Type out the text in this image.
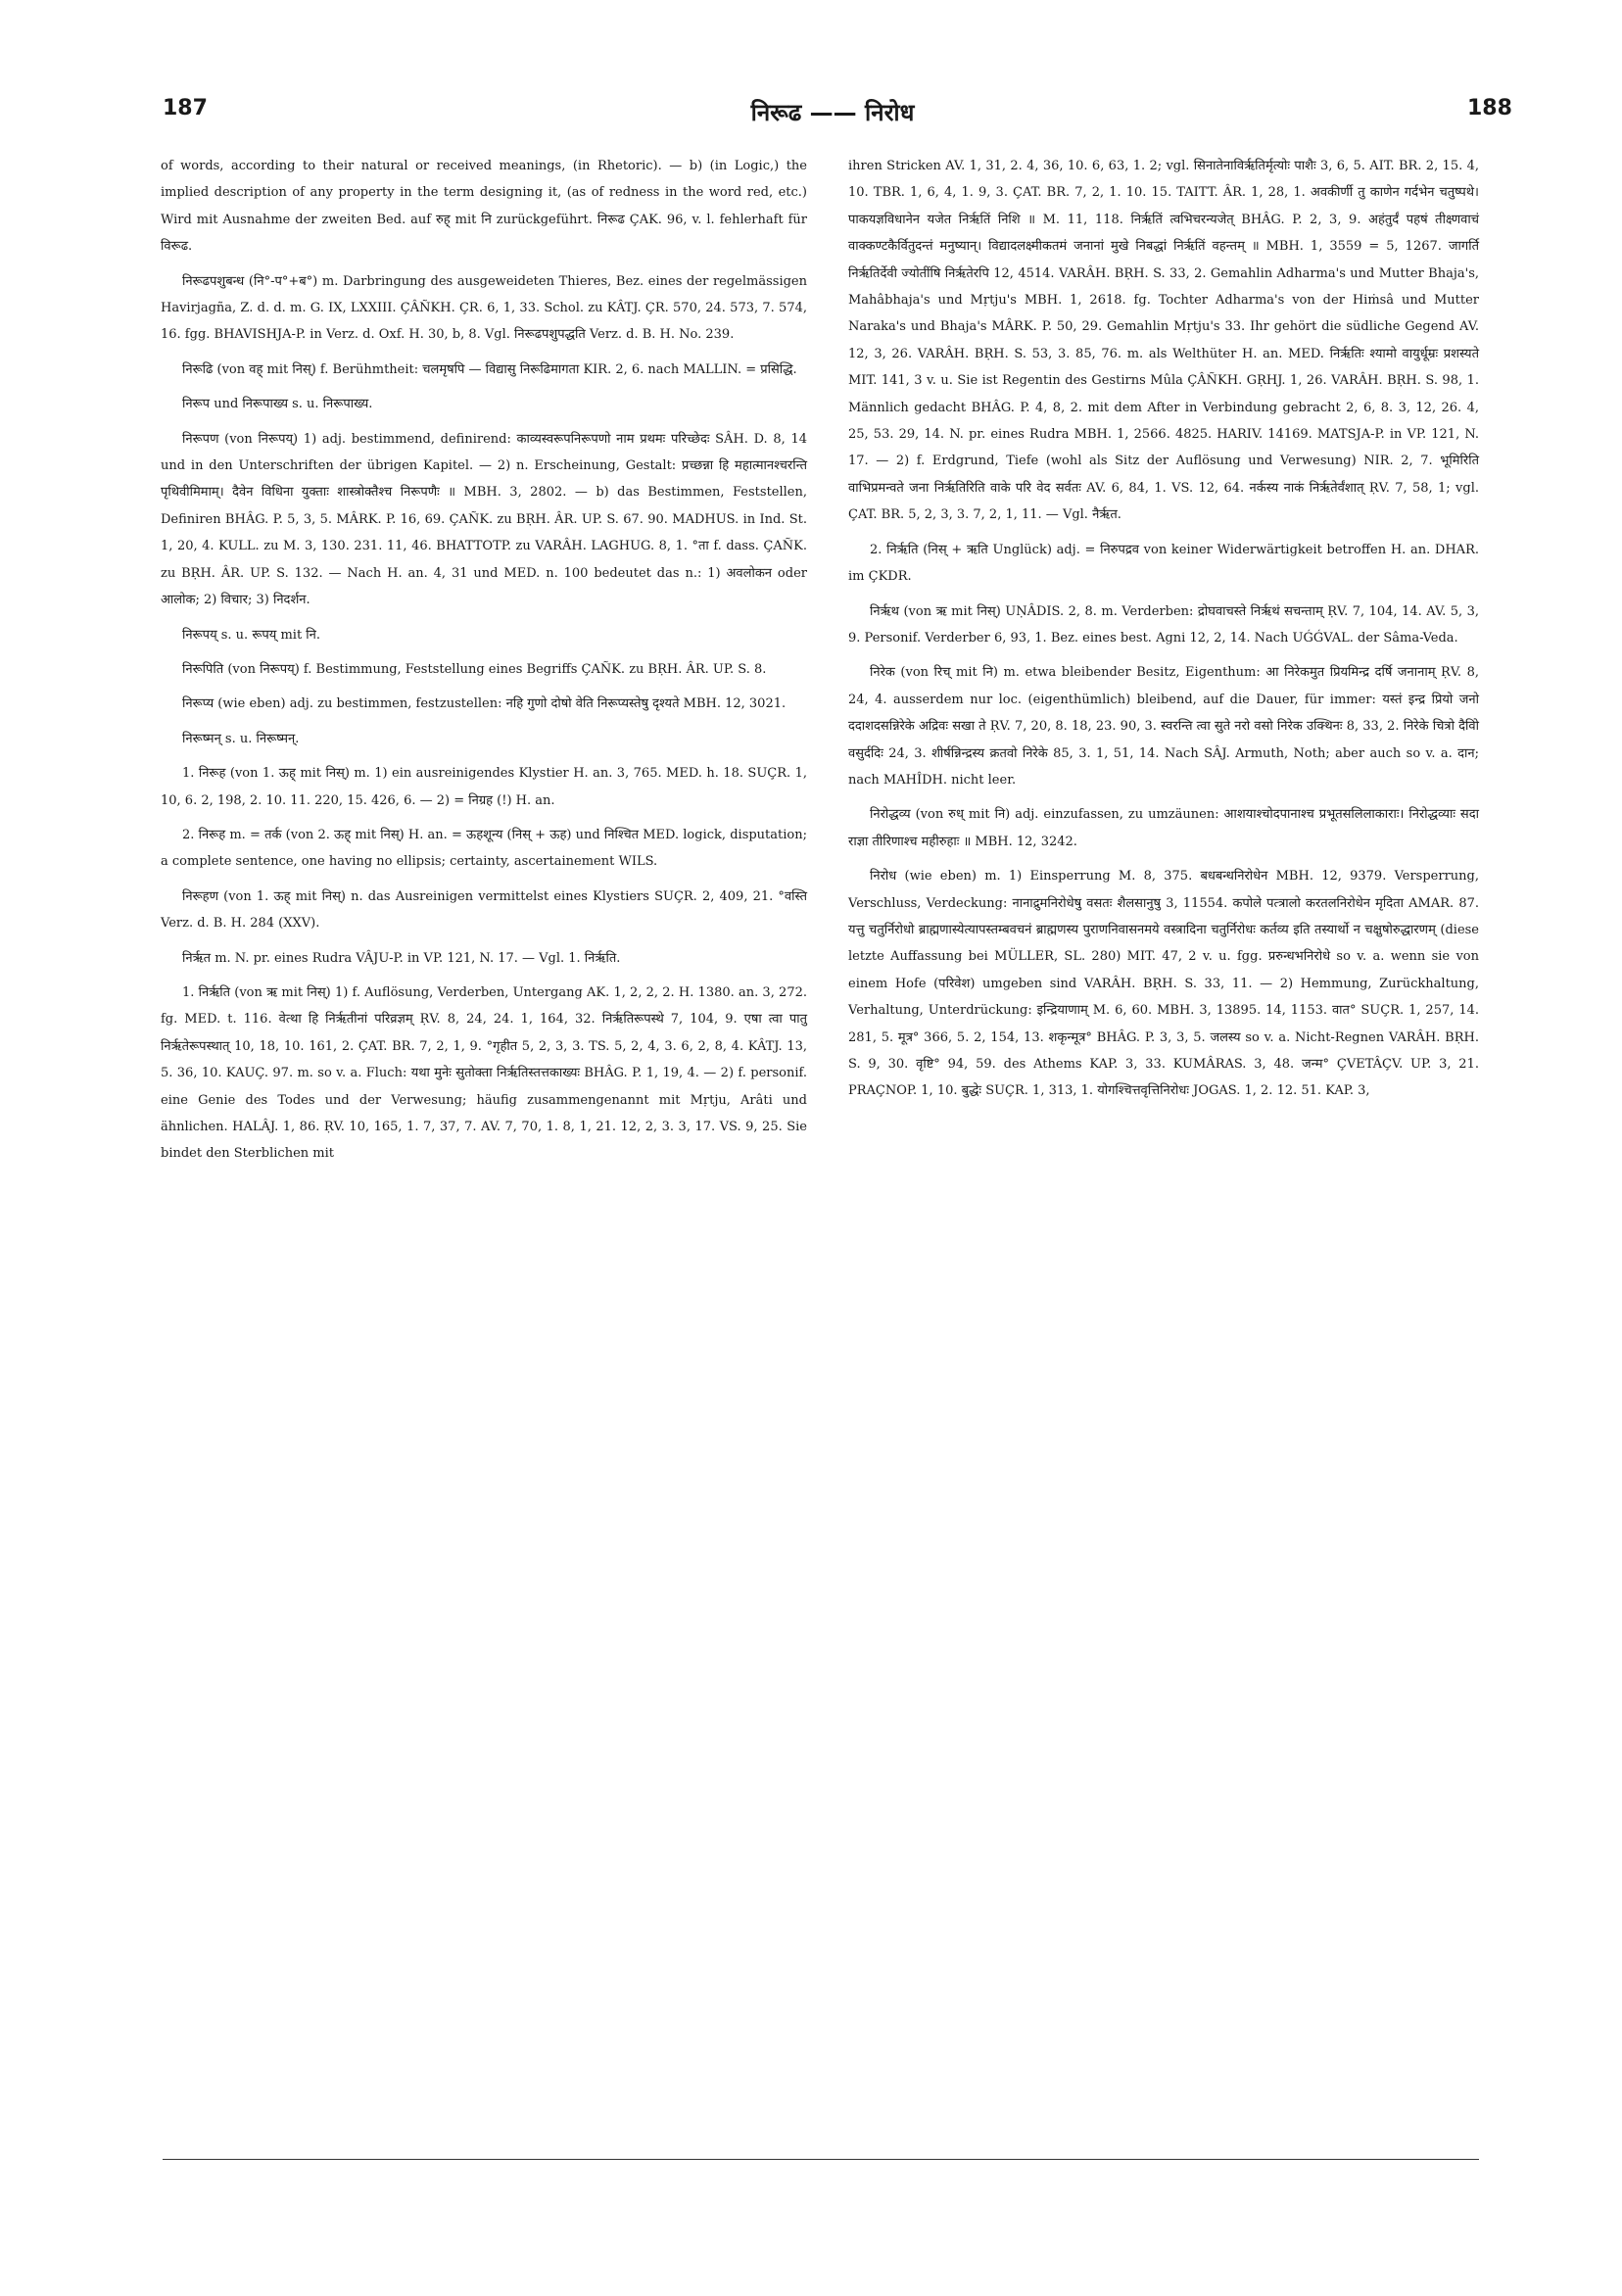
187	निरूढ —— निरोध	188

of words, according to their natural or received meanings, (in Rhetoric). — b) (in Logic,) the implied description of any property in the term designing it, (as of redness in the word red, etc.) Wird mit Ausnahme der zweiten Bed. auf रुह् mit नि zurückgeführt. निरूढ ÇAK. 96, v. l. fehlerhaft für विरूढ.

निरूढपशुबन्ध (नि°-प°+ब°) m. Darbringung des ausgeweideten Thieres, Bez. eines der regelmässigen Havirjagña, Z. d. d. m. G. IX, LXXIII. ÇÂÑKH. ÇR. 6, 1, 33. Schol. zu KÂTJ. ÇR. 570, 24. 573, 7. 574, 16. fgg. BHAVISHJA-P. in Verz. d. Oxf. H. 30, b, 8. Vgl. निरूढपशुपद्धति Verz. d. B. H. No. 239.

निरूढि (von वह् mit निस्) f. Berühmtheit: चलमृषपि — विद्यासु निरूढिमागता KIR. 2, 6. nach MALLIN. = प्रसिद्धि.

निरूप und निरूपाख्य s. u. निरूपाख्य.

निरूपण (von निरूपय्) 1) adj. bestimmend, definirend: काव्यस्वरूपनिरूपणो नाम प्रथमः परिच्छेदः SÂH. D. 8, 14 und in den Unterschriften der übrigen Kapitel. — 2) n. Erscheinung, Gestalt: प्रच्छन्ना हि महात्मानश्चरन्ति पृथिवीमिमाम्। दैवेन विधिना युक्ताः शास्त्रोक्तैश्च निरूपणैः ॥ MBH. 3, 2802. — b) das Bestimmen, Feststellen, Definiren BHÂG. P. 5, 3, 5. MÂRK. P. 16, 69. ÇAÑK. zu BṚH. ÂR. UP. S. 67. 90. MADHUS. in Ind. St. 1, 20, 4. KULL. zu M. 3, 130. 231. 11, 46. BHATTOTP. zu VARÂH. LAGHUG. 8, 1. °ता f. dass. ÇAÑK. zu BṚH. ÂR. UP. S. 132. — Nach H. an. 4, 31 und MED. n. 100 bedeutet das n.: 1) अवलोकन oder आलोक; 2) विचार; 3) निदर्शन.

निरूपय् s. u. रूपय् mit नि.

निरूपिति (von निरूपय्) f. Bestimmung, Feststellung eines Begriffs ÇAÑK. zu BṚH. ÂR. UP. S. 8.

निरूप्य (wie eben) adj. zu bestimmen, festzustellen: नहि गुणो दोषो वेति निरूप्यस्तेषु दृश्यते MBH. 12, 3021.

निरूष्मन् s. u. निरूष्मन्.

1. निरूह (von 1. ऊह् mit निस्) m. 1) ein ausreinigendes Klystier H. an. 3, 765. MED. h. 18. SUÇR. 1, 10, 6. 2, 198, 2. 10. 11. 220, 15. 426, 6. — 2) = निग्रह (!) H. an.

2. निरूह m. = तर्क (von 2. ऊह् mit निस्) H. an. = ऊहशून्य (निस् + ऊह) und निश्चित MED. logick, disputation; a complete sentence, one having no ellipsis; certainty, ascertainement WILS.

निरूहण (von 1. ऊह् mit निस्) n. das Ausreinigen vermittelst eines Klystiers SUÇR. 2, 409, 21. °वस्ति Verz. d. B. H. 284 (XXV).

निर्ऋत m. N. pr. eines Rudra VÂJU-P. in VP. 121, N. 17. — Vgl. 1. निर्ऋति.

1. निर्ऋति (von ऋ mit निस्) 1) f. Auflösung, Verderben, Untergang AK. 1, 2, 2, 2. H. 1380. an. 3, 272. fg. MED. t. 116. वेत्था हि निर्ऋतीनां परिव्रज्ञम् ṚV. 8, 24, 24. 1, 164, 32. निर्ऋतिरूपस्थे 7, 104, 9. एषा त्वा पातु निर्ऋतेरूपस्थात् 10, 18, 10. 161, 2. ÇAT. BR. 7, 2, 1, 9. °गृहीत 5, 2, 3, 3. TS. 5, 2, 4, 3. 6, 2, 8, 4. KÂTJ. 13, 5. 36, 10. KAUÇ. 97. m. so v. a. Fluch: यथा मुनेः सुतोक्ता निर्ऋतिस्तत्तकाख्यः BHÂG. P. 1, 19, 4. — 2) f. personif. eine Genie des Todes und der Verwesung; häufig zusammengenannt mit Mṛtju, Arâti und ähnlichen. HALÂJ. 1, 86. ṚV. 10, 165, 1. 7, 37, 7. AV. 7, 70, 1. 8, 1, 21. 12, 2, 3. 3, 17. VS. 9, 25. Sie bindet den Sterblichen mit

ihren Stricken AV. 1, 31, 2. 4, 36, 10. 6, 63, 1. 2; vgl. सिनातेनाविर्ऋतिर्मृत्योः पाशैः 3, 6, 5. AIT. BR. 2, 15. 4, 10. TBR. 1, 6, 4, 1. 9, 3. ÇAT. BR. 7, 2, 1. 10. 15. TAITT. ÂR. 1, 28, 1. अवकीर्णी तु काणेन गर्दभेन चतुष्पथे। पाकयज्ञविधानेन यजेत निर्ऋतिं निशि ॥ M. 11, 118. निर्ऋतिं त्वभिचरन्यजेत् BHÂG. P. 2, 3, 9. अहंतुर्दं पहषं तीक्ष्णवाचं वाक्कण्टकैर्वितुदन्तं मनुष्यान्। विद्यादलक्ष्मीकतमं जनानां मुखे निबद्धां निर्ऋतिं वहन्तम् ॥ MBH. 1, 3559 = 5, 1267. जागर्ति निर्ऋतिर्देवी ज्योतींषि निर्ऋतेरपि 12, 4514. VARÂH. BṚH. S. 33, 2. Gemahlin Adharma's und Mutter Bhaja's, Mahâbhaja's und Mṛtju's MBH. 1, 2618. fg. Tochter Adharma's von der Hiṁsâ und Mutter Naraka's und Bhaja's MÂRK. P. 50, 29. Gemahlin Mṛtju's 33. Ihr gehört die südliche Gegend AV. 12, 3, 26. VARÂH. BṚH. S. 53, 3. 85, 76. m. als Welthüter H. an. MED. निर्ऋतिः श्यामो वायुर्धूम्रः प्रशस्यते MIT. 141, 3 v. u. Sie ist Regentin des Gestirns Mûla ÇÂÑKH. GṚHJ. 1, 26. VARÂH. BṚH. S. 98, 1. Männlich gedacht BHÂG. P. 4, 8, 2. mit dem After in Verbindung gebracht 2, 6, 8. 3, 12, 26. 4, 25, 53. 29, 14. N. pr. eines Rudra MBH. 1, 2566. 4825. HARIV. 14169. MATSJA-P. in VP. 121, N. 17. — 2) f. Erdgrund, Tiefe (wohl als Sitz der Auflösung und Verwesung) NIR. 2, 7. भूमिरिति वाभिप्रमन्वते जना निर्ऋतिरिति वाके परि वेद सर्वतः AV. 6, 84, 1. VS. 12, 64. नर्कस्य नाकं निर्ऋतेर्वंशात् ṚV. 7, 58, 1; vgl. ÇAT. BR. 5, 2, 3, 3. 7, 2, 1, 11. — Vgl. नैर्ऋत.

2. निर्ऋति (निस् + ऋति Unglück) adj. = निरुपद्रव von keiner Widerwärtigkeit betroffen H. an. DHAR. im ÇKDR.

निर्ऋथ (von ऋ mit निस्) UṆÂDIS. 2, 8. m. Verderben: द्रोघवाचस्ते निर्ऋथं सचन्ताम् ṚV. 7, 104, 14. AV. 5, 3, 9. Personif. Verderber 6, 93, 1. Bez. eines best. Agni 12, 2, 14. Nach UǴǴVAL. der Sâma-Veda.

निरेक (von रिच् mit नि) m. etwa bleibender Besitz, Eigenthum: आ निरेकमुत प्रियमिन्द्र दर्षि जनानाम् ṚV. 8, 24, 4. ausserdem nur loc. (eigenthümlich) bleibend, auf die Dauer, für immer: यस्तं इन्द्र प्रियो जनो ददाशदसन्निरेके अद्रिवः सखा ते ṚV. 7, 20, 8. 18, 23. 90, 3. स्वरन्ति त्वा सुते नरो वसो निरेक उक्थिनः 8, 33, 2. निरेके चित्रो दैविो वसुर्ददिः 24, 3. शीर्षन्निन्द्रस्य क्रतवो निरेके 85, 3. 1, 51, 14. Nach SÂJ. Armuth, Noth; aber auch so v. a. दान; nach MAHÎDH. nicht leer.

निरोद्धव्य (von रुध् mit नि) adj. einzufassen, zu umzäunen: आशयाश्चोदपानाश्च प्रभूतसलिलाकाराः। निरोद्धव्याः सदा राज्ञा तीरिणाश्च महीरुहाः ॥ MBH. 12, 3242.

निरोध (wie eben) m. 1) Einsperrung M. 8, 375. बधबन्धनिरोधेन MBH. 12, 9379. Versperrung, Verschluss, Verdeckung: नानाद्रुमनिरोधेषु वसतः शैलसानुषु 3, 11554. कपोले पत्त्रालो करतलनिरोधेन मृदिता AMAR. 87. यत्तु चतुर्निरोधो ब्राह्मणास्येत्यापस्तम्बवचनं ब्राह्मणस्य पुराणनिवासनमये वस्त्रादिना चतुर्निरोधः कर्तव्य इति तस्यार्थो न चक्षुषोरुद्धारणम् (diese letzte Auffassung bei MÜLLER, SL. 280) MIT. 47, 2 v. u. fgg. प्ररुन्धभनिरोधे so v. a. wenn sie von einem Hofe (परिवेश) umgeben sind VARÂH. BṚH. S. 33, 11. — 2) Hemmung, Zurückhaltung, Verhaltung, Unterdrückung: इन्द्रियाणाम् M. 6, 60. MBH. 3, 13895. 14, 1153. वात° SUÇR. 1, 257, 14. 281, 5. मूत्र° 366, 5. 2, 154, 13. शकृन्मूत्र° BHÂG. P. 3, 3, 5. जलस्य so v. a. Nicht-Regnen VARÂH. BṚH. S. 9, 30. वृष्टि° 94, 59. des Athems KAP. 3, 33. KUMÂRAS. 3, 48. जन्म° ÇVETÂÇV. UP. 3, 21. PRAÇNOP. 1, 10. बुद्धेः SUÇR. 1, 313, 1. योगश्चित्तवृत्तिनिरोधः JOGAS. 1, 2. 12. 51. KAP. 3,
